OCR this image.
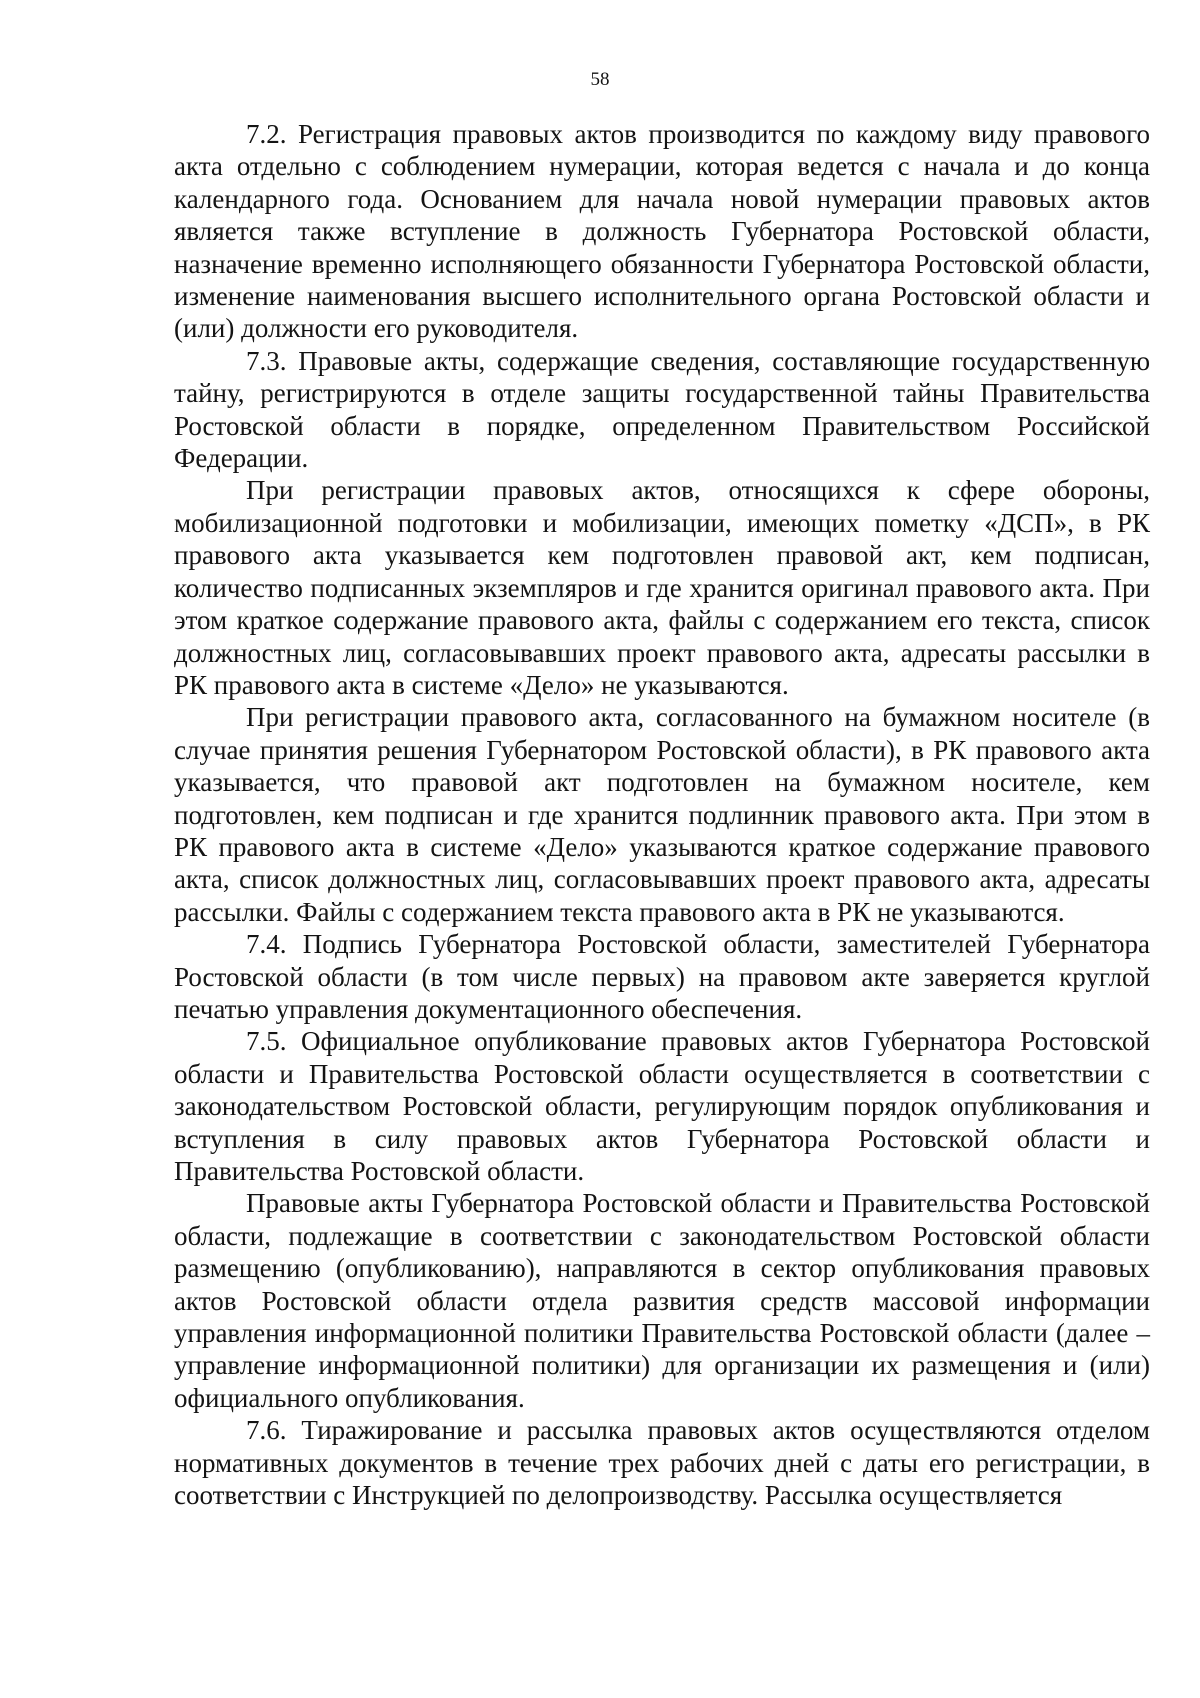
58

7.2. Регистрация правовых актов производится по каждому виду правового акта отдельно с соблюдением нумерации, которая ведется с начала и до конца календарного года. Основанием для начала новой нумерации правовых актов является также вступление в должность Губернатора Ростовской области, назначение временно исполняющего обязанности Губернатора Ростовской области, изменение наименования высшего исполнительного органа Ростовской области и (или) должности его руководителя.

7.3. Правовые акты, содержащие сведения, составляющие государственную тайну, регистрируются в отделе защиты государственной тайны Правительства Ростовской области в порядке, определенном Правительством Российской Федерации.

При регистрации правовых актов, относящихся к сфере обороны, мобилизационной подготовки и мобилизации, имеющих пометку «ДСП», в РК правового акта указывается кем подготовлен правовой акт, кем подписан, количество подписанных экземпляров и где хранится оригинал правового акта. При этом краткое содержание правового акта, файлы с содержанием его текста, список должностных лиц, согласовывавших проект правового акта, адресаты рассылки в РК правового акта в системе «Дело» не указываются.

При регистрации правового акта, согласованного на бумажном носителе (в случае принятия решения Губернатором Ростовской области), в РК правового акта указывается, что правовой акт подготовлен на бумажном носителе, кем подготовлен, кем подписан и где хранится подлинник правового акта. При этом в РК правового акта в системе «Дело» указываются краткое содержание правового акта, список должностных лиц, согласовывавших проект правового акта, адресаты рассылки. Файлы с содержанием текста правового акта в РК не указываются.

7.4. Подпись Губернатора Ростовской области, заместителей Губернатора Ростовской области (в том числе первых) на правовом акте заверяется круглой печатью управления документационного обеспечения.

7.5. Официальное опубликование правовых актов Губернатора Ростовской области и Правительства Ростовской области осуществляется в соответствии с законодательством Ростовской области, регулирующим порядок опубликования и вступления в силу правовых актов Губернатора Ростовской области и Правительства Ростовской области.

Правовые акты Губернатора Ростовской области и Правительства Ростовской области, подлежащие в соответствии с законодательством Ростовской области размещению (опубликованию), направляются в сектор опубликования правовых актов Ростовской области отдела развития средств массовой информации управления информационной политики Правительства Ростовской области (далее – управление информационной политики) для организации их размещения и (или) официального опубликования.

7.6. Тиражирование и рассылка правовых актов осуществляются отделом нормативных документов в течение трех рабочих дней с даты его регистрации, в соответствии с Инструкцией по делопроизводству. Рассылка осуществляется
